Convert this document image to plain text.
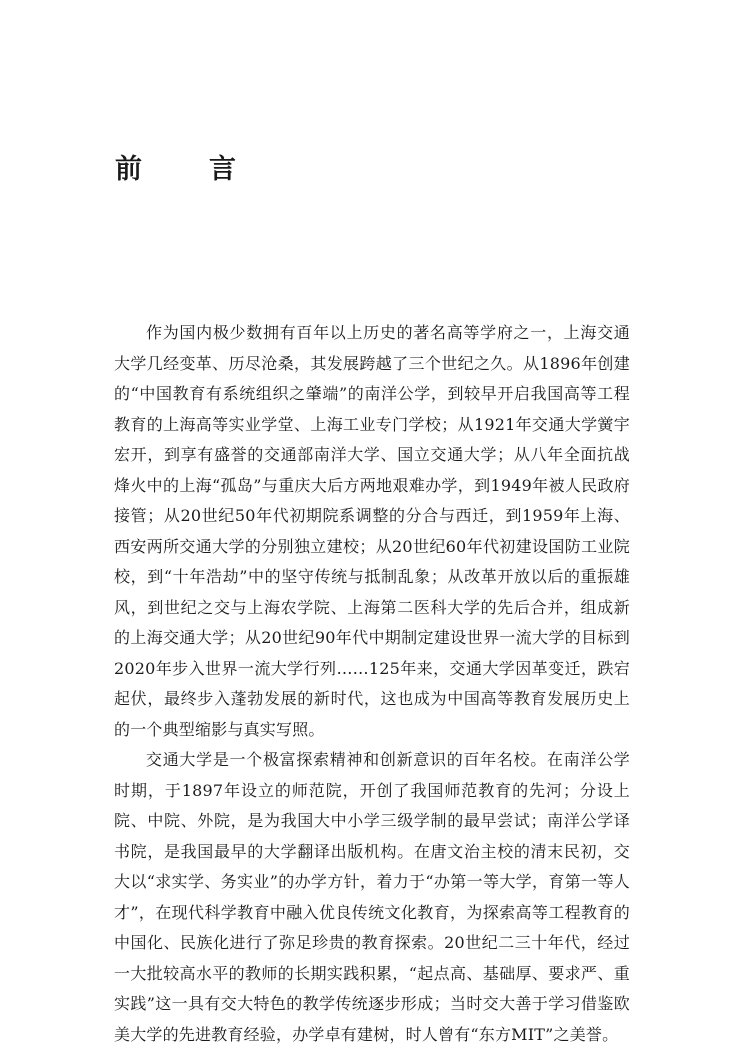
前　言

作为国内极少数拥有百年以上历史的著名高等学府之一，上海交通大学几经变革、历尽沧桑，其发展跨越了三个世纪之久。从1896年创建的“中国教育有系统组织之肇端”的南洋公学，到较早开启我国高等工程教育的上海高等实业学堂、上海工业专门学校；从1921年交通大学黉宇宏开，到享有盛誉的交通部南洋大学、国立交通大学；从八年全面抗战烽火中的上海“孤岛”与重庆大后方两地艰难办学，到1949年被人民政府接管；从20世纪50年代初期院系调整的分合与西迁，到1959年上海、西安两所交通大学的分别独立建校；从20世纪60年代初建设国防工业院校，到“十年浩劫”中的坚守传统与抵制乱象；从改革开放以后的重振雄风，到世纪之交与上海农学院、上海第二医科大学的先后合并，组成新的上海交通大学；从20世纪90年代中期制定建设世界一流大学的目标到2020年步入世界一流大学行列……125年来，交通大学因革变迁，跌宕起伏，最终步入蓬勃发展的新时代，这也成为中国高等教育发展历史上的一个典型缩影与真实写照。

交通大学是一个极富探索精神和创新意识的百年名校。在南洋公学时期，于1897年设立的师范院，开创了我国师范教育的先河；分设上院、中院、外院，是为我国大中小学三级学制的最早尝试；南洋公学译书院，是我国最早的大学翻译出版机构。在唐文治主校的清末民初，交大以“求实学、务实业”的办学方针，着力于“办第一等大学，育第一等人才”，在现代科学教育中融入优良传统文化教育，为探索高等工程教育的中国化、民族化进行了弥足珍贵的教育探索。20世纪二三十年代，经过一大批较高水平的教师的长期实践积累，“起点高、基础厚、要求严、重实践”这一具有交大特色的教学传统逐步形成；当时交大善于学习借鉴欧美大学的先进教育经验，办学卓有建树，时人曾有“东方MIT”之美誉。
